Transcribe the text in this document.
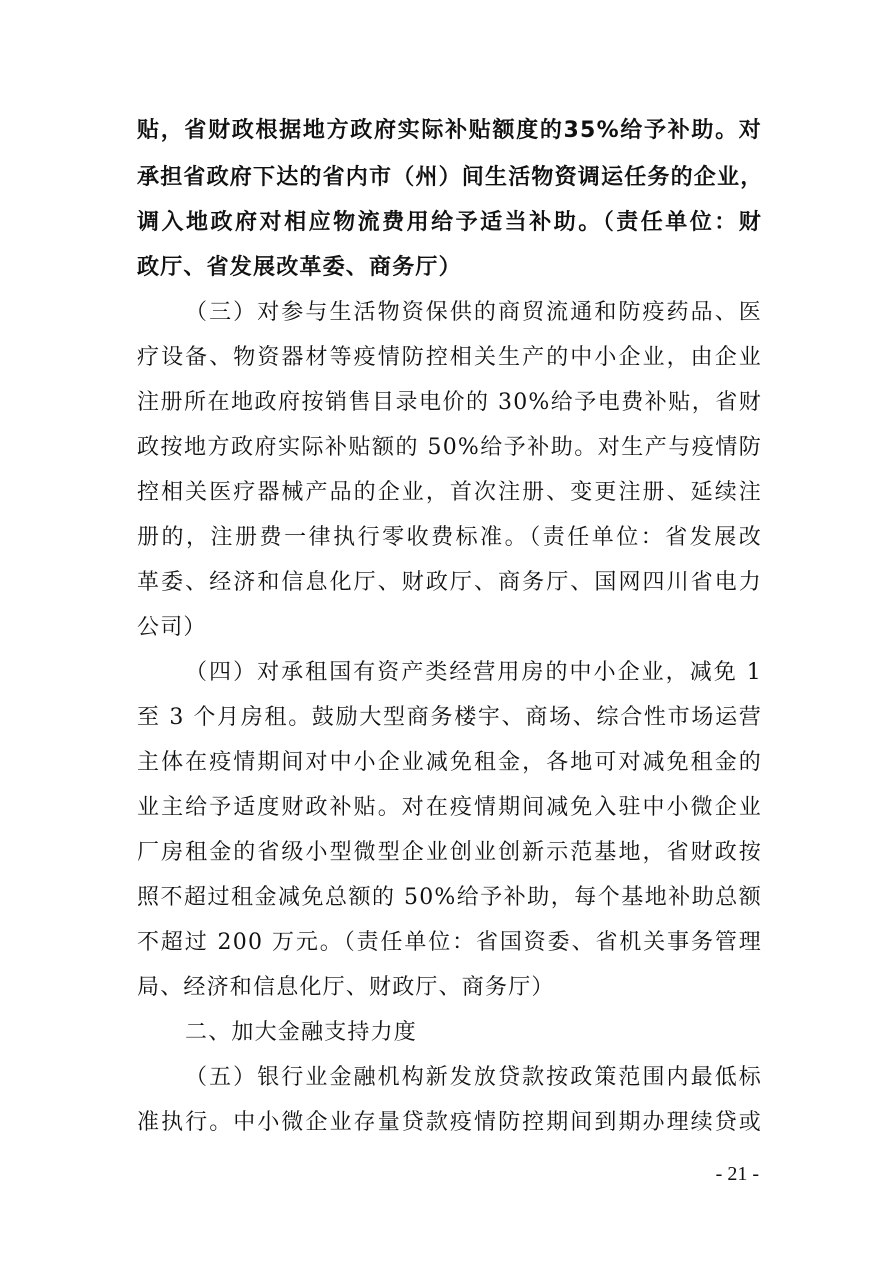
贴，省财政根据地方政府实际补贴额度的35%给予补助。对
承担省政府下达的省内市（州）间生活物资调运任务的企业，
调入地政府对相应物流费用给予适当补助。（责任单位：财
政厅、省发展改革委、商务厅）
（三）对参与生活物资保供的商贸流通和防疫药品、医
疗设备、物资器材等疫情防控相关生产的中小企业，由企业
注册所在地政府按销售目录电价的 30%给予电费补贴，省财
政按地方政府实际补贴额的 50%给予补助。对生产与疫情防
控相关医疗器械产品的企业，首次注册、变更注册、延续注
册的，注册费一律执行零收费标准。（责任单位：省发展改
革委、经济和信息化厅、财政厅、商务厅、国网四川省电力
公司）
（四）对承租国有资产类经营用房的中小企业，减免 1
至 3 个月房租。鼓励大型商务楼宇、商场、综合性市场运营
主体在疫情期间对中小企业减免租金，各地可对减免租金的
业主给予适度财政补贴。对在疫情期间减免入驻中小微企业
厂房租金的省级小型微型企业创业创新示范基地，省财政按
照不超过租金减免总额的 50%给予补助，每个基地补助总额
不超过 200 万元。（责任单位：省国资委、省机关事务管理
局、经济和信息化厅、财政厅、商务厅）
二、加大金融支持力度
（五）银行业金融机构新发放贷款按政策范围内最低标
准执行。中小微企业存量贷款疫情防控期间到期办理续贷或
- 21 -
